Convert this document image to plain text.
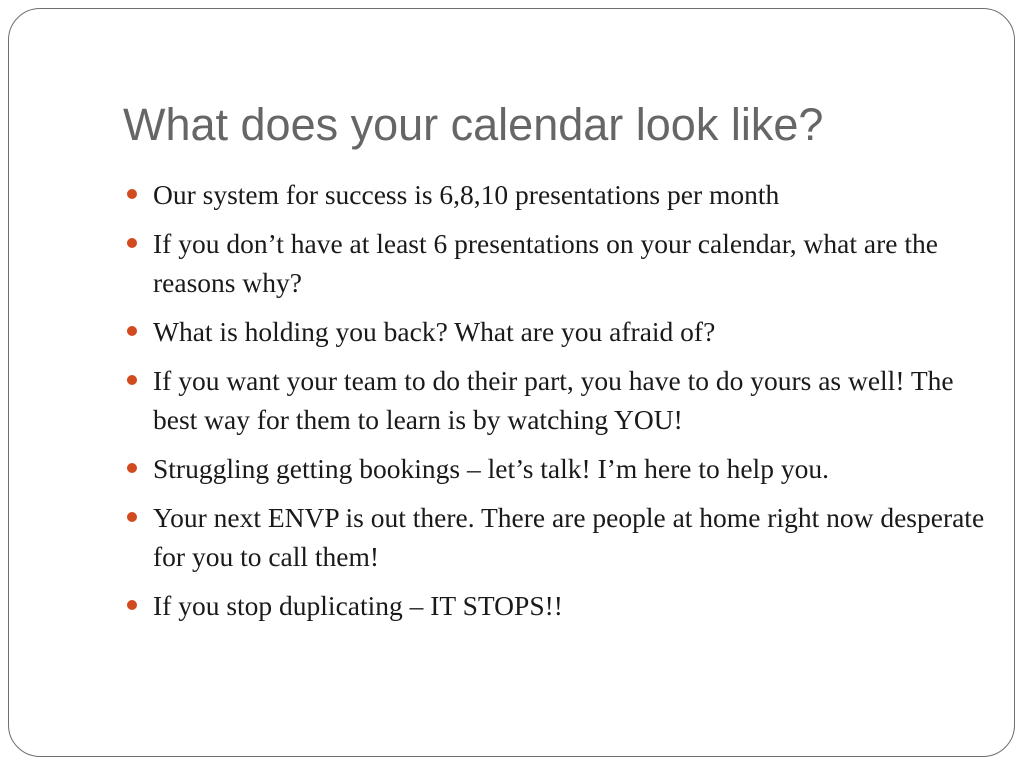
What does your calendar look like?
Our system for success is 6,8,10 presentations per month
If you don’t have at least 6 presentations on your calendar, what are the reasons why?
What is holding you back? What are you afraid of?
If you want your team to do their part, you have to do yours as well! The best way for them to learn is by watching YOU!
Struggling getting bookings – let’s talk! I’m here to help you.
Your next ENVP is out there. There are people at home right now desperate for you to call them!
If you stop duplicating – IT STOPS!!
